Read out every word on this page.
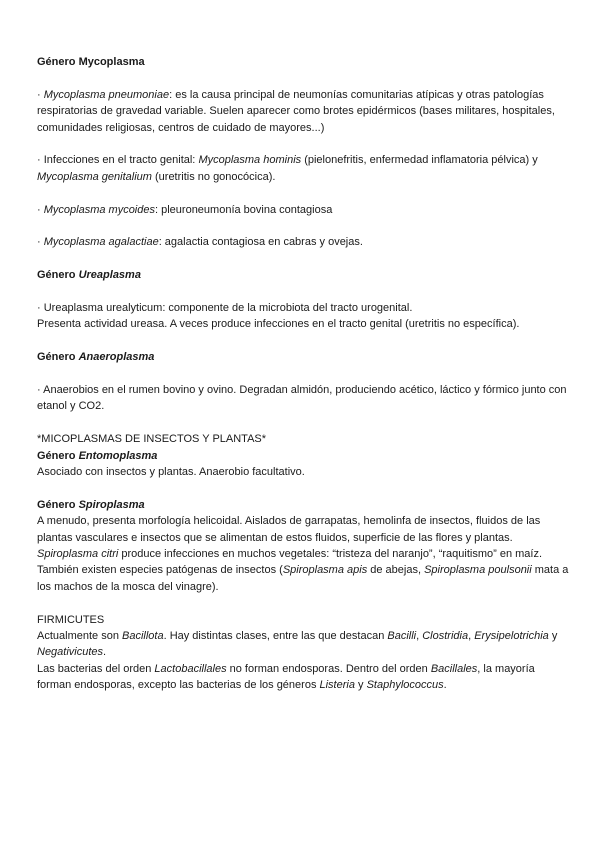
Género Mycoplasma

· Mycoplasma pneumoniae: es la causa principal de neumonías comunitarias atípicas y otras patologías respiratorias de gravedad variable. Suelen aparecer como brotes epidérmicos (bases militares, hospitales, comunidades religiosas, centros de cuidado de mayores...)

· Infecciones en el tracto genital: Mycoplasma hominis (pielonefritis, enfermedad inflamatoria pélvica) y Mycoplasma genitalium (uretritis no gonocócica).

· Mycoplasma mycoides: pleuroneumonía bovina contagiosa

· Mycoplasma agalactiae: agalactia contagiosa en cabras y ovejas.

Género Ureaplasma

· Ureaplasma urealyticum: componente de la microbiota del tracto urogenital.

Presenta actividad ureasa. A veces produce infecciones en el tracto genital (uretritis no específica).

Género Anaeroplasma

· Anaerobios en el rumen bovino y ovino. Degradan almidón, produciendo acético, láctico y fórmico junto con etanol y CO2.

*MICOPLASMAS DE INSECTOS Y PLANTAS*

Género Entomoplasma

Asociado con insectos y plantas. Anaerobio facultativo.

Género Spiroplasma

A menudo, presenta morfología helicoidal. Aislados de garrapatas, hemolinfa de insectos, fluidos de las plantas vasculares e insectos que se alimentan de estos fluidos, superficie de las flores y plantas. Spiroplasma citri produce infecciones en muchos vegetales: “tristeza del naranjo”, “raquitismo” en maíz. También existen especies patógenas de insectos (Spiroplasma apis de abejas, Spiroplasma poulsonii mata a los machos de la mosca del vinagre).

FIRMICUTES

Actualmente son Bacillota. Hay distintas clases, entre las que destacan Bacilli, Clostridia, Erysipelotrichia y Negativicutes.

Las bacterias del orden Lactobacillales no forman endosporas. Dentro del orden Bacillales, la mayoría forman endosporas, excepto las bacterias de los géneros Listeria y Staphylococcus.
